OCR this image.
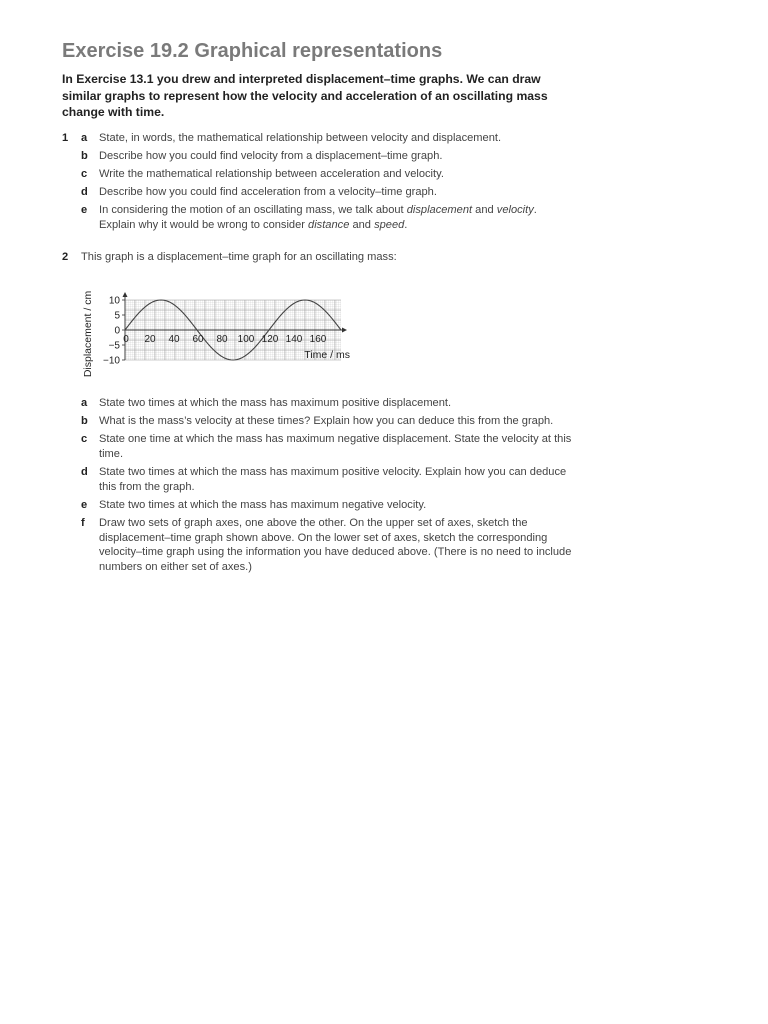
Exercise 19.2 Graphical representations
In Exercise 13.1 you drew and interpreted displacement–time graphs. We can draw similar graphs to represent how the velocity and acceleration of an oscillating mass change with time.
1 a State, in words, the mathematical relationship between velocity and displacement.
b Describe how you could find velocity from a displacement–time graph.
c Write the mathematical relationship between acceleration and velocity.
d Describe how you could find acceleration from a velocity–time graph.
e In considering the motion of an oscillating mass, we talk about displacement and velocity. Explain why it would be wrong to consider distance and speed.
2 This graph is a displacement–time graph for an oscillating mass:
10
5
0
−5
−10
0 20 40 60 80 100 120 140 160
Time / ms
Displacement / cm
a State two times at which the mass has maximum positive displacement.
b What is the mass’s velocity at these times? Explain how you can deduce this from the graph.
c State one time at which the mass has maximum negative displacement. State the velocity at this time.
d State two times at which the mass has maximum positive velocity. Explain how you can deduce this from the graph.
e State two times at which the mass has maximum negative velocity.
f Draw two sets of graph axes, one above the other. On the upper set of axes, sketch the displacement–time graph shown above. On the lower set of axes, sketch the corresponding velocity–time graph using the information you have deduced above. (There is no need to include numbers on either set of axes.)
